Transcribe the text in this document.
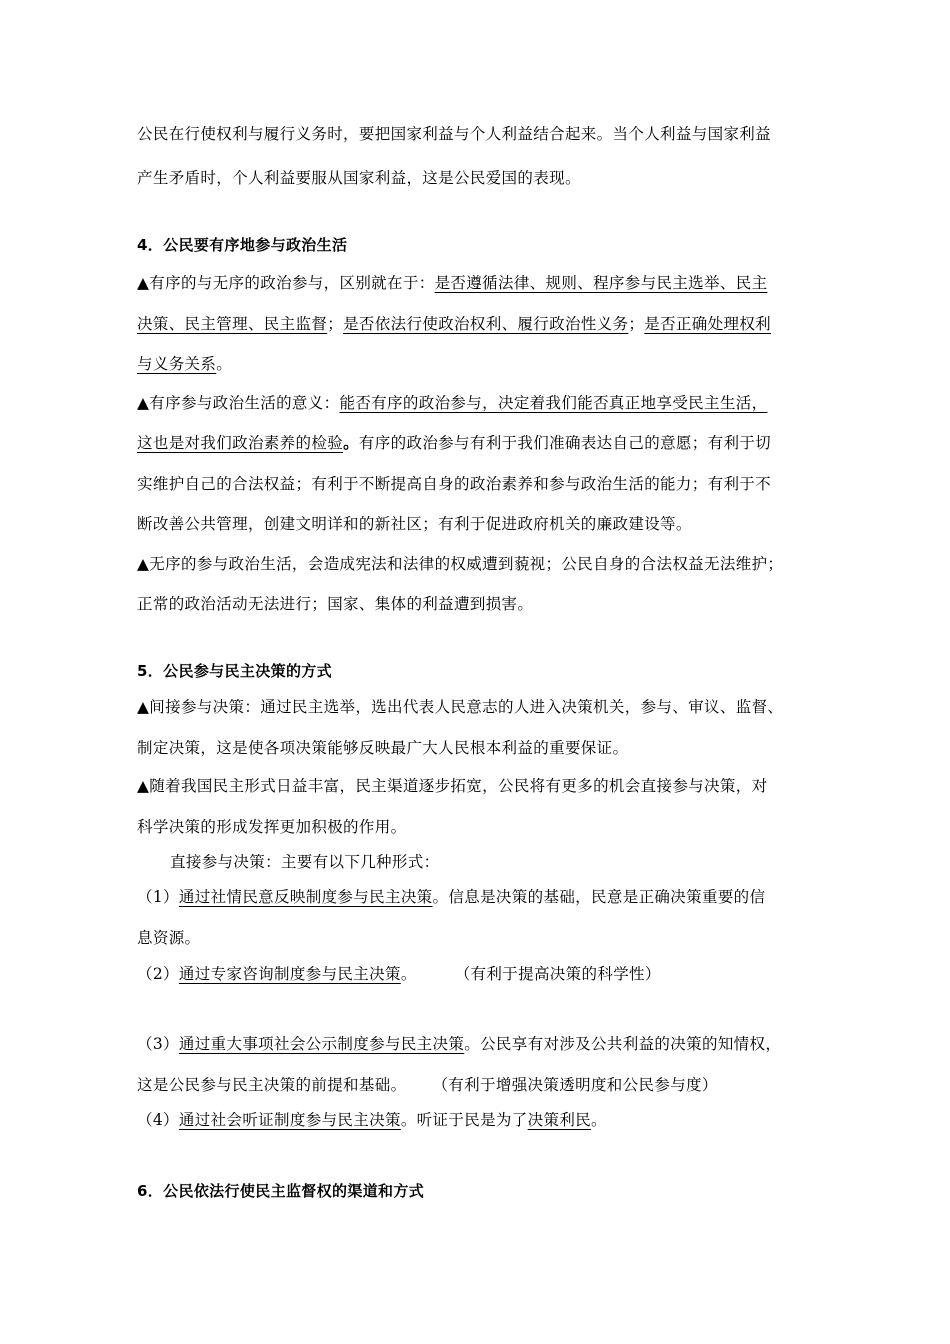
公民在行使权利与履行义务时，要把国家利益与个人利益结合起来。当个人利益与国家利益
产生矛盾时，个人利益要服从国家利益，这是公民爱国的表现。
4．公民要有序地参与政治生活
▲有序的与无序的政治参与，区别就在于：是否遵循法律、规则、程序参与民主选举、民主
决策、民主管理、民主监督；是否依法行使政治权利、履行政治性义务；是否正确处理权利
与义务关系。
▲有序参与政治生活的意义：能否有序的政治参与，决定着我们能否真正地享受民主生活，
这也是对我们政治素养的检验。有序的政治参与有利于我们准确表达自己的意愿；有利于切
实维护自己的合法权益；有利于不断提高自身的政治素养和参与政治生活的能力；有利于不
断改善公共管理，创建文明详和的新社区；有利于促进政府机关的廉政建设等。
▲无序的参与政治生活，会造成宪法和法律的权威遭到藐视；公民自身的合法权益无法维护；
正常的政治活动无法进行；国家、集体的利益遭到损害。
5．公民参与民主决策的方式
▲间接参与决策：通过民主选举，选出代表人民意志的人进入决策机关，参与、审议、监督、
制定决策，这是使各项决策能够反映最广大人民根本利益的重要保证。
▲随着我国民主形式日益丰富，民主渠道逐步拓宽，公民将有更多的机会直接参与决策，对
科学决策的形成发挥更加积极的作用。
直接参与决策：主要有以下几种形式：
（1）通过社情民意反映制度参与民主决策。信息是决策的基础，民意是正确决策重要的信
息资源。
（2）通过专家咨询制度参与民主决策。 （有利于提高决策的科学性）
（3）通过重大事项社会公示制度参与民主决策。公民享有对涉及公共利益的决策的知情权，
这是公民参与民主决策的前提和基础。 （有利于增强决策透明度和公民参与度）
（4）通过社会听证制度参与民主决策。听证于民是为了决策利民。
6．公民依法行使民主监督权的渠道和方式
